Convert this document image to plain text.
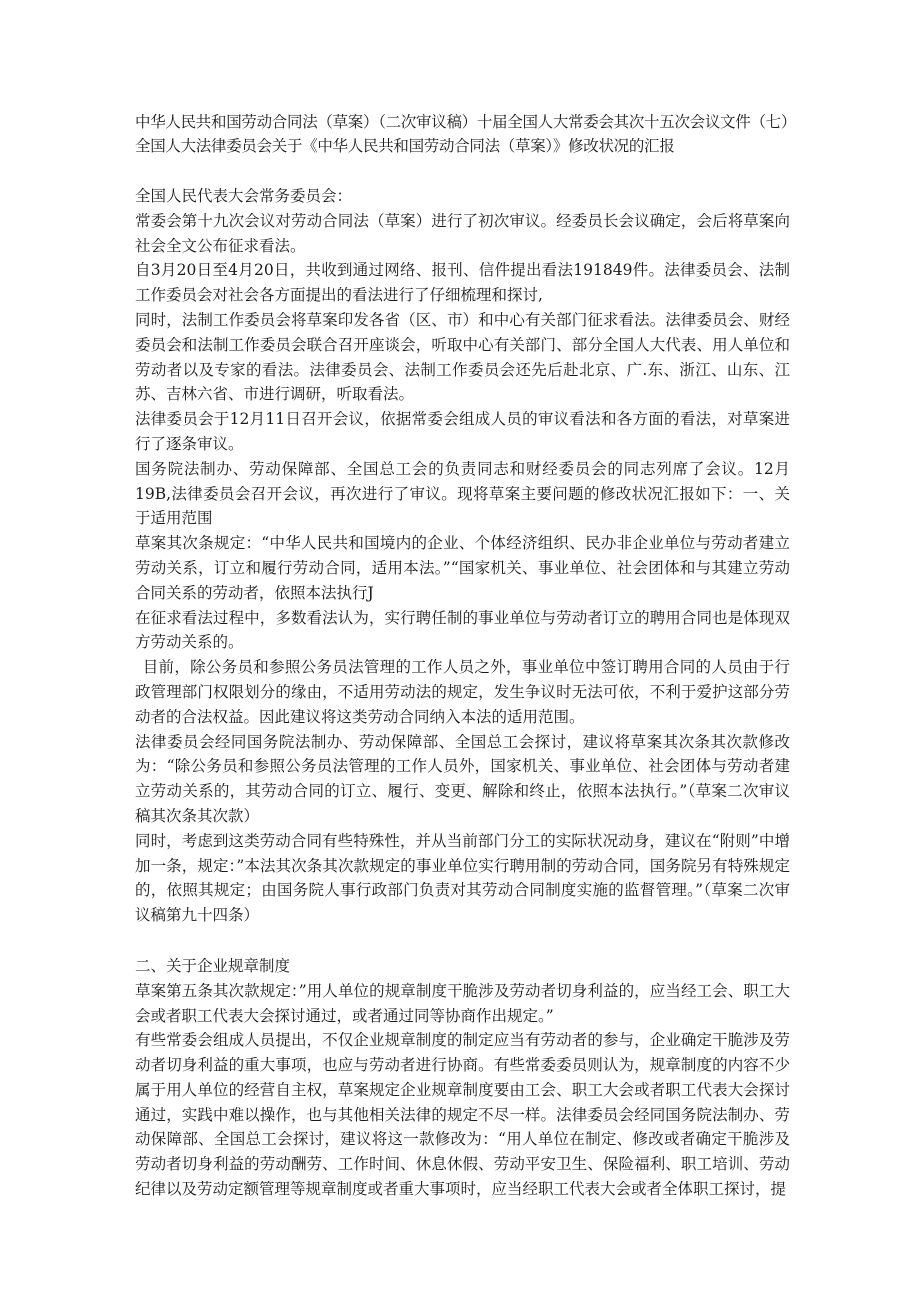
中华人民共和国劳动合同法（草案）（二次审议稿）十届全国人大常委会其次十五次会议文件（七）

全国人大法律委员会关于《中华人民共和国劳动合同法（草案）》修改状况的汇报

全国人民代表大会常务委员会：

常委会第十九次会议对劳动合同法（草案）进行了初次审议。经委员长会议确定，会后将草案向社会全文公布征求看法。

自3月20日至4月20日，共收到通过网络、报刊、信件提出看法191849件。法律委员会、法制工作委员会对社会各方面提出的看法进行了仔细梳理和探讨,

同时，法制工作委员会将草案印发各省（区、市）和中心有关部门征求看法。法律委员会、财经委员会和法制工作委员会联合召开座谈会，听取中心有关部门、部分全国人大代表、用人单位和劳动者以及专家的看法。法律委员会、法制工作委员会还先后赴北京、广.东、浙江、山东、江苏、吉林六省、市进行调研，听取看法。

法律委员会于12月11日召开会议，依据常委会组成人员的审议看法和各方面的看法，对草案进行了逐条审议。

国务院法制办、劳动保障部、全国总工会的负责同志和财经委员会的同志列席了会议。12月19B,法律委员会召开会议，再次进行了审议。现将草案主要问题的修改状况汇报如下：一、关于适用范围

草案其次条规定：“中华人民共和国境内的企业、个体经济组织、民办非企业单位与劳动者建立劳动关系，订立和履行劳动合同，适用本法。”“国家机关、事业单位、社会团体和与其建立劳动合同关系的劳动者，依照本法执行J

在征求看法过程中，多数看法认为，实行聘任制的事业单位与劳动者订立的聘用合同也是体现双方劳动关系的。

目前，除公务员和参照公务员法管理的工作人员之外，事业单位中签订聘用合同的人员由于行政管理部门权限划分的缘由，不适用劳动法的规定，发生争议时无法可依，不利于爱护这部分劳动者的合法权益。因此建议将这类劳动合同纳入本法的适用范围。

法律委员会经同国务院法制办、劳动保障部、全国总工会探讨，建议将草案其次条其次款修改为：“除公务员和参照公务员法管理的工作人员外，国家机关、事业单位、社会团体与劳动者建立劳动关系的，其劳动合同的订立、履行、变更、解除和终止，依照本法执行。”（草案二次审议稿其次条其次款）

同时，考虑到这类劳动合同有些特殊性，并从当前部门分工的实际状况动身，建议在“附则”中增加一条，规定：”本法其次条其次款规定的事业单位实行聘用制的劳动合同，国务院另有特殊规定的，依照其规定；由国务院人事行政部门负责对其劳动合同制度实施的监督管理。”（草案二次审议稿第九十四条）

二、关于企业规章制度

草案第五条其次款规定：”用人单位的规章制度干脆涉及劳动者切身利益的，应当经工会、职工大会或者职工代表大会探讨通过，或者通过同等协商作出规定。”

有些常委会组成人员提出，不仅企业规章制度的制定应当有劳动者的参与，企业确定干脆涉及劳动者切身利益的重大事项，也应与劳动者进行协商。有些常委委员则认为，规章制度的内容不少属于用人单位的经营自主权，草案规定企业规章制度要由工会、职工大会或者职工代表大会探讨通过，实践中难以操作，也与其他相关法律的规定不尽一样。法律委员会经同国务院法制办、劳动保障部、全国总工会探讨，建议将这一款修改为：“用人单位在制定、修改或者确定干脆涉及劳动者切身利益的劳动酬劳、工作时间、休息休假、劳动平安卫生、保险福利、职工培训、劳动纪律以及劳动定额管理等规章制度或者重大事项时，应当经职工代表大会或者全体职工探讨，提
